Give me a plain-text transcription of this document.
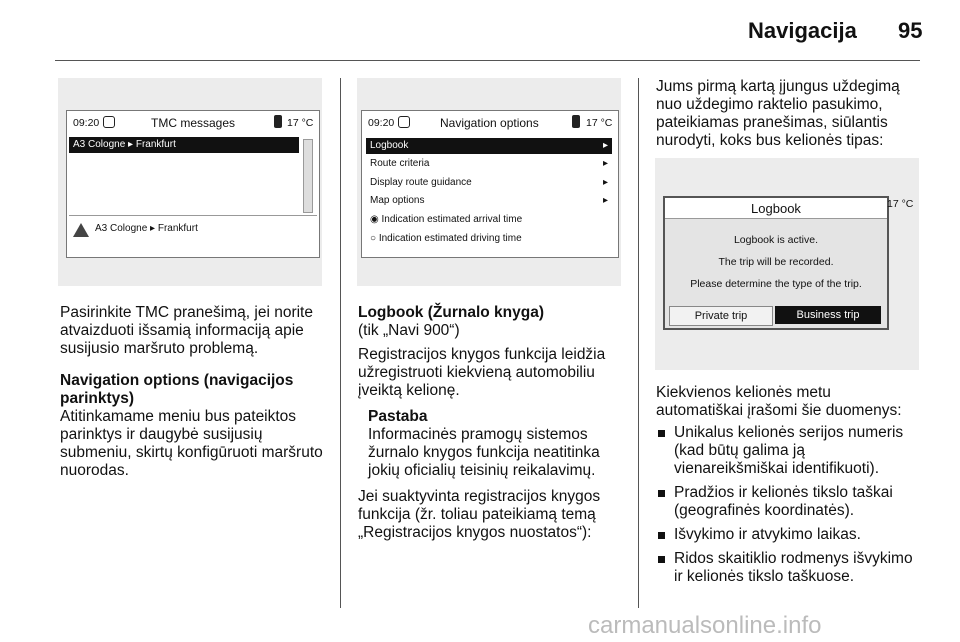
Navigacija 95
09:20	TMC messages	17 °C
A3 Cologne ▸ Frankfurt
A3 Cologne ▸ Frankfurt

Pasirinkite TMC pranešimą, jei norite atvaizduoti išsamią informaciją apie susijusio maršruto problemą.

Navigation options (navigacijos parinktys)

Atitinkamame meniu bus pateiktos parinktys ir daugybė susijusių submeniu, skirtų konfigūruoti maršruto nuorodas.

09:20	Navigation options	17 °C
Logbook	▸
Route criteria	▸
Display route guidance	▸
Map options	▸
◉ Indication estimated arrival time
○ Indication estimated driving time

Logbook (Žurnalo knyga)

(tik „Navi 900“)

Registracijos knygos funkcija leidžia užregistruoti kiekvieną automobiliu įveiktą kelionę.

Pastaba

Informacinės pramogų sistemos žurnalo knygos funkcija neatitinka jokių oficialių teisinių reikalavimų.

Jei suaktyvinta registracijos knygos funkcija (žr. toliau pateikiamą temą „Registracijos knygos nuostatos“):

Jums pirmą kartą įjungus uždegimą nuo uždegimo raktelio pasukimo, pateikiamas pranešimas, siūlantis nurodyti, koks bus kelionės tipas:

Logbook
Logbook is active.
The trip will be recorded.
Please determine the type of the trip.
Private trip	Business trip
17 °C

Kiekvienos kelionės metu automatiškai įrašomi šie duomenys:

Unikalus kelionės serijos numeris (kad būtų galima ją vienareikšmiškai identifikuoti).
Pradžios ir kelionės tikslo taškai (geografinės koordinatės).
Išvykimo ir atvykimo laikas.
Ridos skaitiklio rodmenys išvykimo ir kelionės tikslo taškuose.
carmanualsonline.info
